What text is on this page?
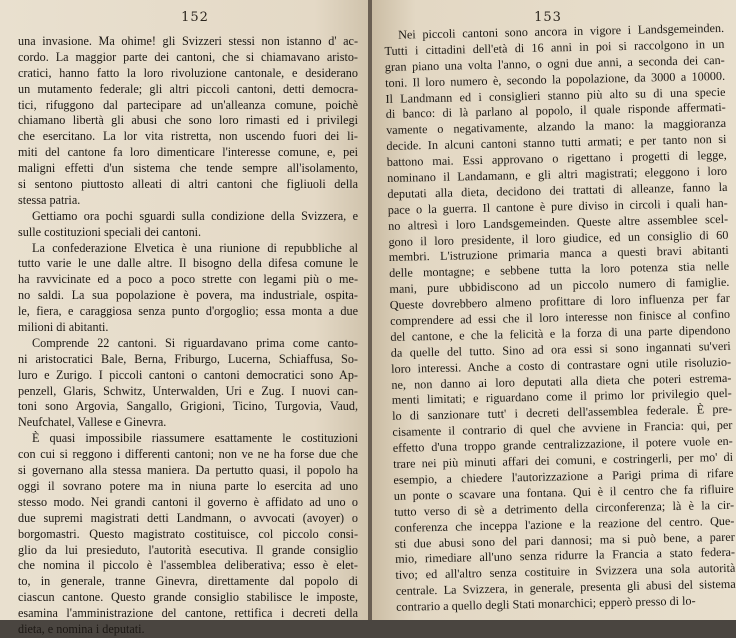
152
una invasione. Ma ohime! gli Svizzeri stessi non istanno d' ac-
cordo. La maggior parte dei cantoni, che si chiamavano aristo-
cratici, hanno fatto la loro rivoluzione cantonale, e desiderano
un mutamento federale; gli altri piccoli cantoni, detti democra-
tici, rifuggono dal partecipare ad un'alleanza comune, poichè
chiamano libertà gli abusi che sono loro rimasti ed i privilegi
che esercitano. La lor vita ristretta, non uscendo fuori dei li-
miti del cantone fa loro dimenticare l'interesse comune, e, pei
maligni effetti d'un sistema che tende sempre all'isolamento,
si sentono piuttosto alleati di altri cantoni che figliuoli della
stessa patria.
Gettiamo ora pochi sguardi sulla condizione della Svizzera, e
sulle costituzioni speciali dei cantoni.
La confederazione Elvetica è una riunione di repubbliche al
tutto varie le une dalle altre. Il bisogno della difesa comune le
ha ravvicinate ed a poco a poco strette con legami più o me-
no saldi. La sua popolazione è povera, ma industriale, ospita-
le, fiera, e caraggiosa senza punto d'orgoglio; essa monta a due
milioni di abitanti.
Comprende 22 cantoni. Si riguardavano prima come canto-
ni aristocratici Bale, Berna, Friburgo, Lucerna, Schiaffusa, So-
luro e Zurigo. I piccoli cantoni o cantoni democratici sono Ap-
penzell, Glaris, Schwitz, Unterwalden, Uri e Zug. I nuovi can-
toni sono Argovia, Sangallo, Grigioni, Ticino, Turgovia, Vaud,
Neufchatel, Vallese e Ginevra.
È quasi impossibile riassumere esattamente le costituzioni
con cui si reggono i differenti cantoni; non ve ne ha forse due che
si governano alla stessa maniera. Da pertutto quasi, il popolo ha
oggi il sovrano potere ma in niuna parte lo esercita ad uno
stesso modo. Nei grandi cantoni il governo è affidato ad uno o
due supremi magistrati detti Landmann, o avvocati (avoyer) o
borgomastri. Questo magistrato costituisce, col piccolo consi-
glio da lui presieduto, l'autorità esecutiva. Il grande consiglio
che nomina il piccolo è l'assemblea deliberativa; esso è elet-
to, in generale, tranne Ginevra, direttamente dal popolo di
ciascun cantone. Questo grande consiglio stabilisce le imposte,
esamina l'amministrazione del cantone, rettifica i decreti della
dieta, e nomina i deputati.
153
Nei piccoli cantoni sono ancora in vigore i Landsgemeinden.
Tutti i cittadini dell'età di 16 anni in poi si raccolgono in un
gran piano una volta l'anno, o ogni due anni, a seconda dei can-
toni. Il loro numero è, secondo la popolazione, da 3000 a 10000.
Il Landmann ed i consiglieri stanno più alto su di una specie
di banco: di là parlano al popolo, il quale risponde affermati-
vamente o negativamente, alzando la mano: la maggioranza
decide. In alcuni cantoni stanno tutti armati; e per tanto non si
battono mai. Essi approvano o rigettano i progetti di legge,
nominano il Landamann, e gli altri magistrati; eleggono i loro
deputati alla dieta, decidono dei trattati di alleanze, fanno la
pace o la guerra. Il cantone è pure diviso in circoli i quali han-
no altresì i loro Landsgemeinden. Queste altre assemblee scel-
gono il loro presidente, il loro giudice, ed un consiglio di 60
membri. L'istruzione primaria manca a questi bravi abitanti
delle montagne; e sebbene tutta la loro potenza stia nelle
mani, pure ubbidiscono ad un piccolo numero di famiglie.
Queste dovrebbero almeno profittare di loro influenza per far
comprendere ad essi che il loro interesse non finisce al confino
del cantone, e che la felicità e la forza di una parte dipendono
da quelle del tutto. Sino ad ora essi si sono ingannati su'veri
loro interessi. Anche a costo di contrastare ogni utile risoluzio-
ne, non danno ai loro deputati alla dieta che poteri estrema-
menti limitati; e riguardano come il primo lor privilegio quel-
lo di sanzionare tutt' i decreti dell'assemblea federale. È pre-
cisamente il contrario di quel che avviene in Francia: qui, per
effetto d'una troppo grande centralizzazione, il potere vuole en-
trare nei più minuti affari dei comuni, e costringerli, per mo' di
esempio, a chiedere l'autorizzazione a Parigi prima di rifare
un ponte o scavare una fontana. Qui è il centro che fa rifluire
tutto verso di sè a detrimento della circonferenza; là è la cir-
conferenza che inceppa l'azione e la reazione del centro. Que-
sti due abusi sono del pari dannosi; ma si può bene, a parer
mio, rimediare all'uno senza ridurre la Francia a stato federa-
tivo; ed all'altro senza costituire in Svizzera una sola autorità
centrale. La Svizzera, in generale, presenta gli abusi del sistema
contrario a quello degli Stati monarchici; epperò presso di lo-
